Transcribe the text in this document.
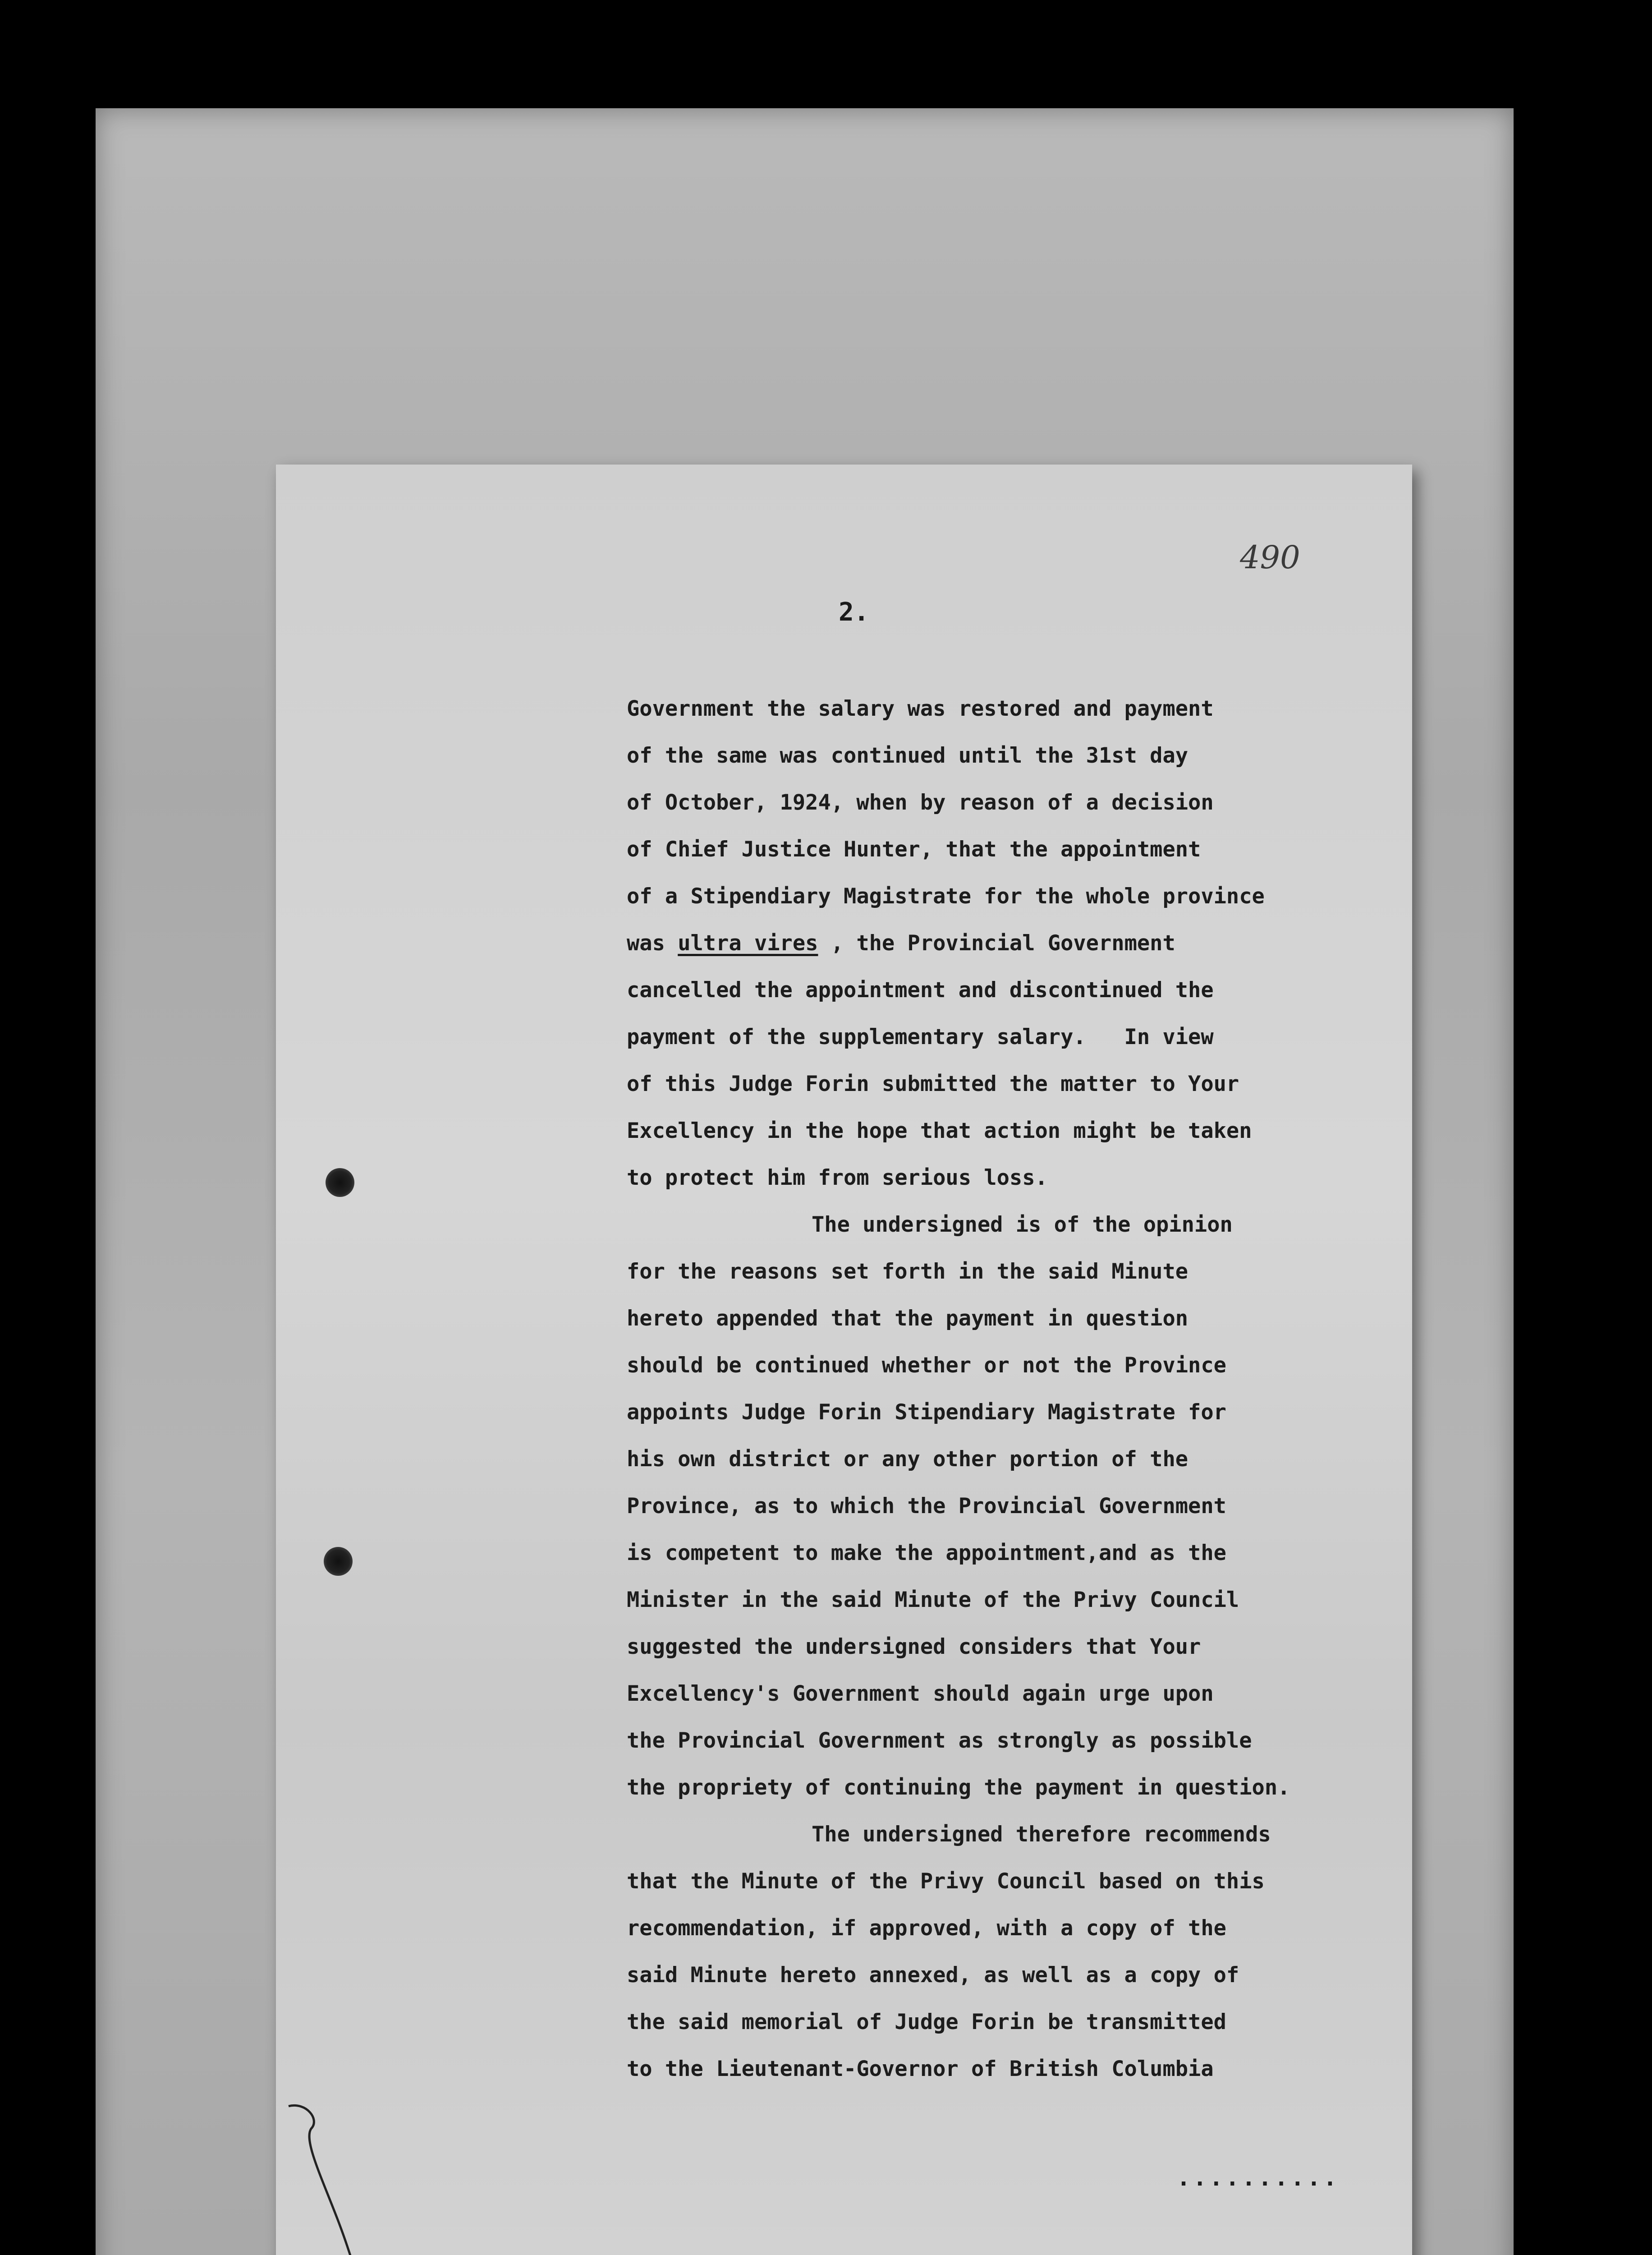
490
2.
Government the salary was restored and payment
of the same was continued until the 31st day
of October, 1924, when by reason of a decision
of Chief Justice Hunter, that the appointment
of a Stipendiary Magistrate for the whole province
was ultra vires , the Provincial Government
cancelled the appointment and discontinued the
payment of the supplementary salary.   In view
of this Judge Forin submitted the matter to Your
Excellency in the hope that action might be taken
to protect him from serious loss.
The undersigned is of the opinion
for the reasons set forth in the said Minute
hereto appended that the payment in question
should be continued whether or not the Province
appoints Judge Forin Stipendiary Magistrate for
his own district or any other portion of the
Province, as to which the Provincial Government
is competent to make the appointment,and as the
Minister in the said Minute of the Privy Council
suggested the undersigned considers that Your
Excellency's Government should again urge upon
the Provincial Government as strongly as possible
the propriety of continuing the payment in question.
The undersigned therefore recommends
that the Minute of the Privy Council based on this
recommendation, if approved, with a copy of the
said Minute hereto annexed, as well as a copy of
the said memorial of Judge Forin be transmitted
to the Lieutenant-Governor of British Columbia
..........
